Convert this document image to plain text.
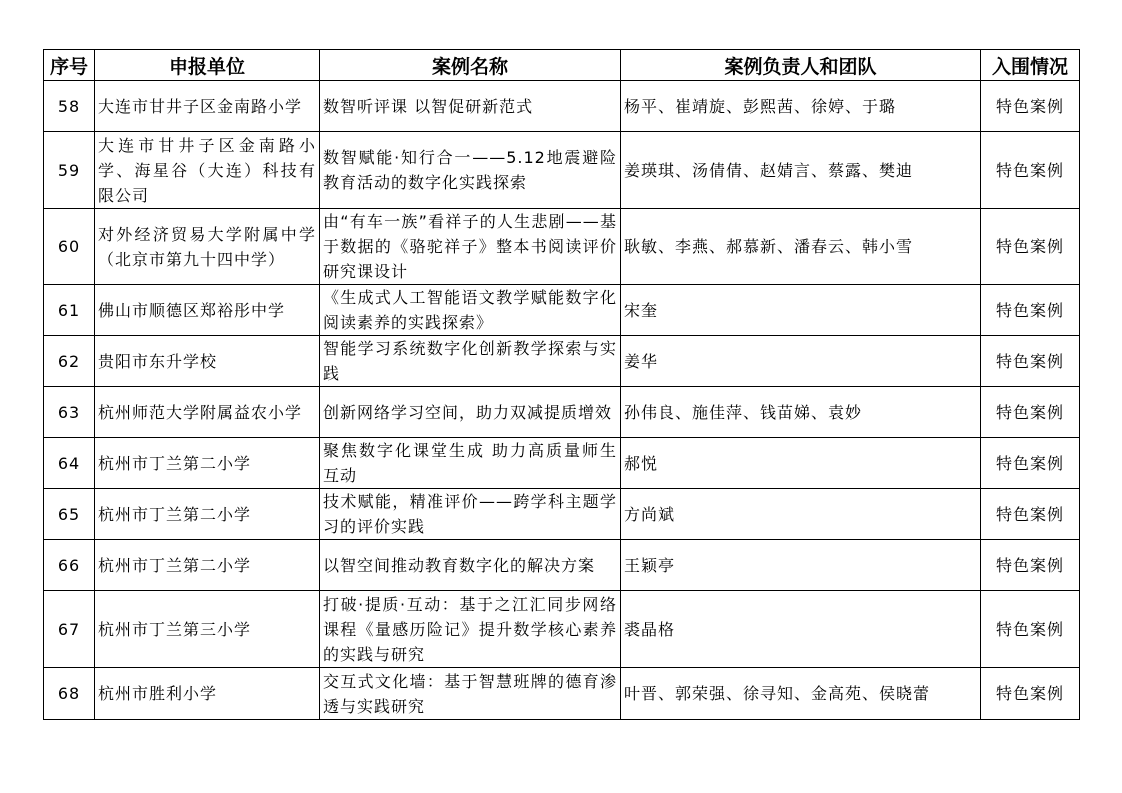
序号	申报单位	案例名称	案例负责人和团队	入围情况
58	大连市甘井子区金南路小学	数智听评课 以智促研新范式	杨平、崔靖旋、彭熙茜、徐婷、于璐	特色案例
59	大连市甘井子区金南路小学、海星谷（大连）科技有限公司	数智赋能·知行合一——5.12地震避险教育活动的数字化实践探索	姜瑛琪、汤倩倩、赵婧言、蔡露、樊迪	特色案例
60	对外经济贸易大学附属中学（北京市第九十四中学）	由“有车一族”看祥子的人生悲剧——基于数据的《骆驼祥子》整本书阅读评价研究课设计	耿敏、李燕、郝慕新、潘春云、韩小雪	特色案例
61	佛山市顺德区郑裕彤中学	《生成式人工智能语文教学赋能数字化阅读素养的实践探索》	宋奎	特色案例
62	贵阳市东升学校	智能学习系统数字化创新教学探索与实践	姜华	特色案例
63	杭州师范大学附属益农小学	创新网络学习空间，助力双减提质增效	孙伟良、施佳萍、钱苗娣、袁妙	特色案例
64	杭州市丁兰第二小学	聚焦数字化课堂生成 助力高质量师生互动	郝悦	特色案例
65	杭州市丁兰第二小学	技术赋能，精准评价——跨学科主题学习的评价实践	方尚斌	特色案例
66	杭州市丁兰第二小学	以智空间推动教育数字化的解决方案	王颖亭	特色案例
67	杭州市丁兰第三小学	打破·提质·互动：基于之江汇同步网络课程《量感历险记》提升数学核心素养的实践与研究	裘晶格	特色案例
68	杭州市胜利小学	交互式文化墙：基于智慧班牌的德育渗透与实践研究	叶晋、郭荣强、徐寻知、金高苑、侯晓蕾	特色案例
